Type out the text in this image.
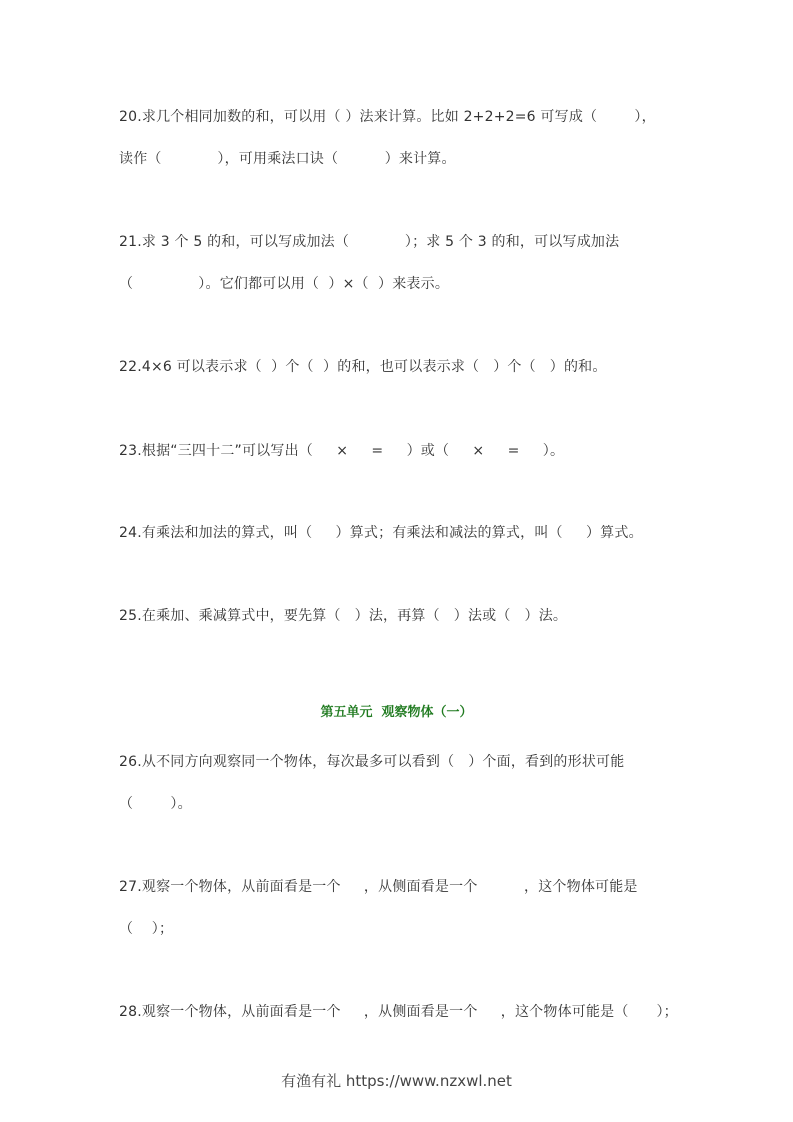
20.求几个相同加数的和，可以用（ ）法来计算。比如 2+2+2=6 可写成（        ），
读作（            ），可用乘法口诀（          ）来计算。
21.求 3 个 5 的和，可以写成加法（            ）；求 5 个 3 的和，可以写成加法
（              ）。它们都可以用（  ）×（  ）来表示。
22.4×6 可以表示求（  ）个（  ）的和，也可以表示求（   ）个（   ）的和。
23.根据“三四十二”可以写出（     ×     =     ）或（     ×     =     ）。
24.有乘法和加法的算式，叫（     ）算式；有乘法和减法的算式，叫（     ）算式。
25.在乘加、乘减算式中，要先算（   ）法，再算（   ）法或（   ）法。
第五单元  观察物体（一）
26.从不同方向观察同一个物体，每次最多可以看到（   ）个面，看到的形状可能
（        ）。
27.观察一个物体，从前面看是一个     ，从侧面看是一个          ，这个物体可能是
（    ）；
28.观察一个物体，从前面看是一个     ，从侧面看是一个     ，这个物体可能是（      ）；
有渔有礼 https://www.nzxwl.net
